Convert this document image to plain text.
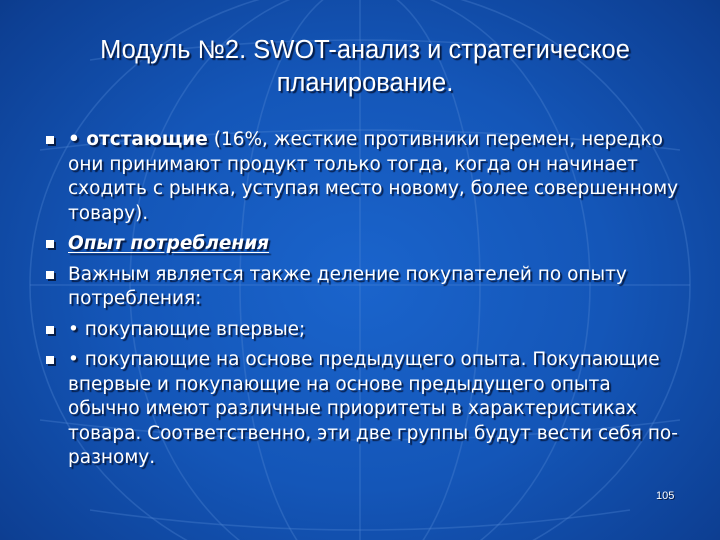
Модуль №2. SWOT-анализ и стратегическое планирование.
• отстающие (16%, жесткие противники перемен, нередко они принимают продукт только тогда, когда он начинает сходить с рынка, уступая место новому, более совершенному товару).
Опыт потребления
Важным является также деление покупателей по опыту потребления:
• покупающие впервые;
• покупающие на основе предыдущего опыта. Покупающие впервые и покупающие на основе предыдущего опыта обычно имеют различные приоритеты в характеристиках товара. Соответственно, эти две группы будут вести себя по-разному.
105
